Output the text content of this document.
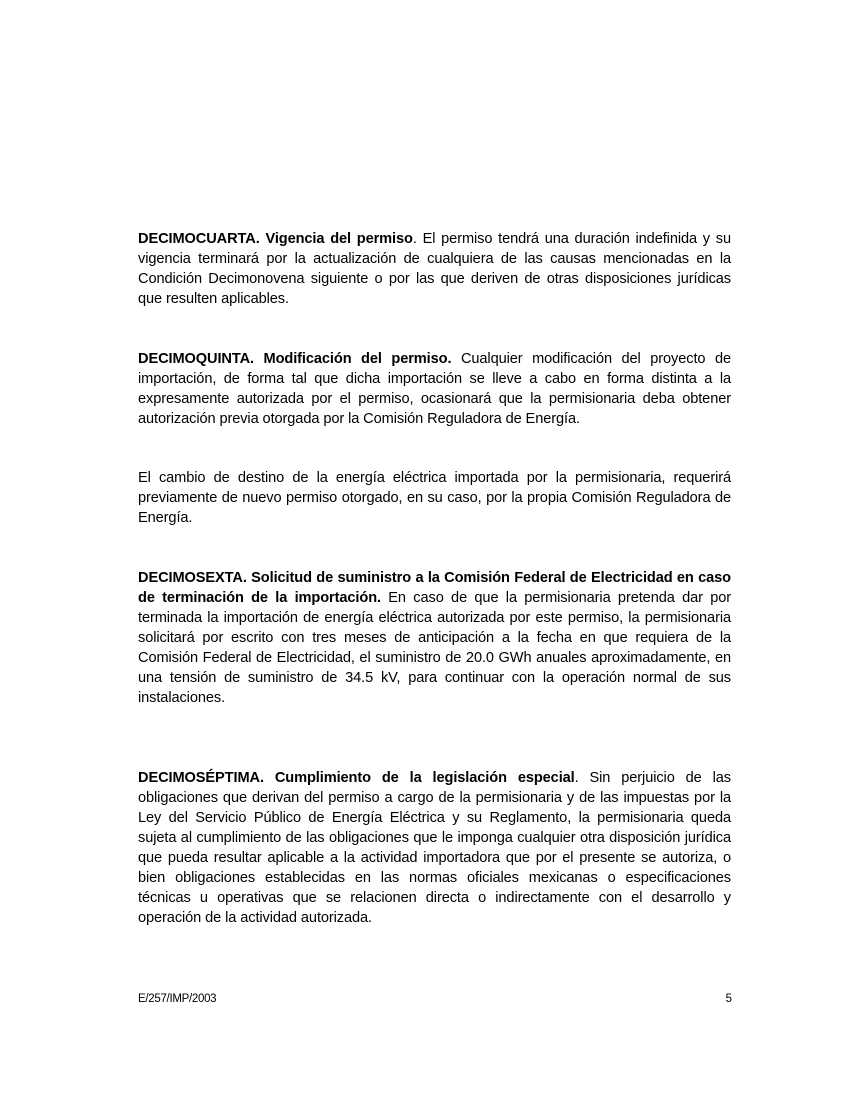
DECIMOCUARTA. Vigencia del permiso. El permiso tendrá una duración indefinida y su vigencia terminará por la actualización de cualquiera de las causas mencionadas en la Condición Decimonovena siguiente o por las que deriven de otras disposiciones jurídicas que resulten aplicables.

DECIMOQUINTA. Modificación del permiso. Cualquier modificación del proyecto de importación, de forma tal que dicha importación se lleve a cabo en forma distinta a la expresamente autorizada por el permiso, ocasionará que la permisionaria deba obtener autorización previa otorgada por la Comisión Reguladora de Energía.

El cambio de destino de la energía eléctrica importada por la permisionaria, requerirá previamente de nuevo permiso otorgado, en su caso, por la propia Comisión Reguladora de Energía.

DECIMOSEXTA. Solicitud de suministro a la Comisión Federal de Electricidad en caso de terminación de la importación. En caso de que la permisionaria pretenda dar por terminada la importación de energía eléctrica autorizada por este permiso, la permisionaria solicitará por escrito con tres meses de anticipación a la fecha en que requiera de la Comisión Federal de Electricidad, el suministro de 20.0 GWh anuales aproximadamente, en una tensión de suministro de 34.5 kV, para continuar con la operación normal de sus instalaciones.

DECIMOSÉPTIMA. Cumplimiento de la legislación especial. Sin perjuicio de las obligaciones que derivan del permiso a cargo de la permisionaria y de las impuestas por la Ley del Servicio Público de Energía Eléctrica y su Reglamento, la permisionaria queda sujeta al cumplimiento de las obligaciones que le imponga cualquier otra disposición jurídica que pueda resultar aplicable a la actividad importadora que por el presente se autoriza, o bien obligaciones establecidas en las normas oficiales mexicanas o especificaciones técnicas u operativas que se relacionen directa o indirectamente con el desarrollo y operación de la actividad autorizada.

E/257/IMP/2003	5
